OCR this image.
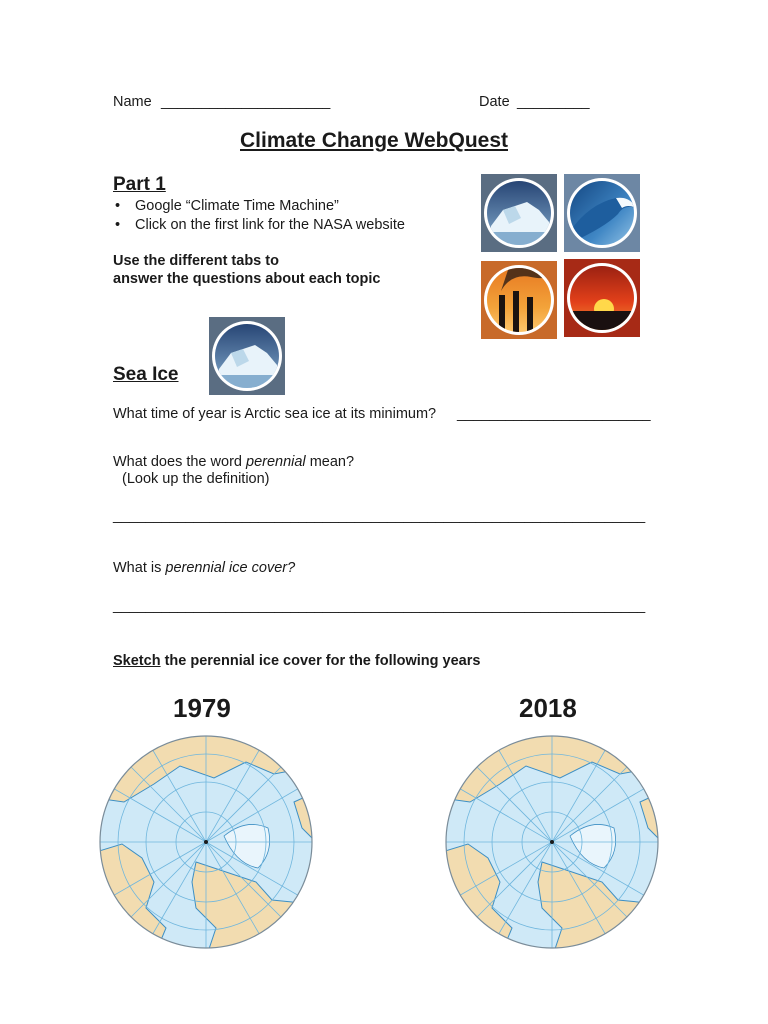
Name _____________________	Date _________
Climate Change WebQuest
Part 1
• Google “Climate Time Machine”
• Click on the first link for the NASA website
Use the different tabs to
answer the questions about each topic
Sea Ice
What time of year is Arctic sea ice at its minimum? ________________________
What does the word perennial mean?
(Look up the definition)
__________________________________________________________________
What is perennial ice cover?
__________________________________________________________________
Sketch the perennial ice cover for the following years
1979	2018
